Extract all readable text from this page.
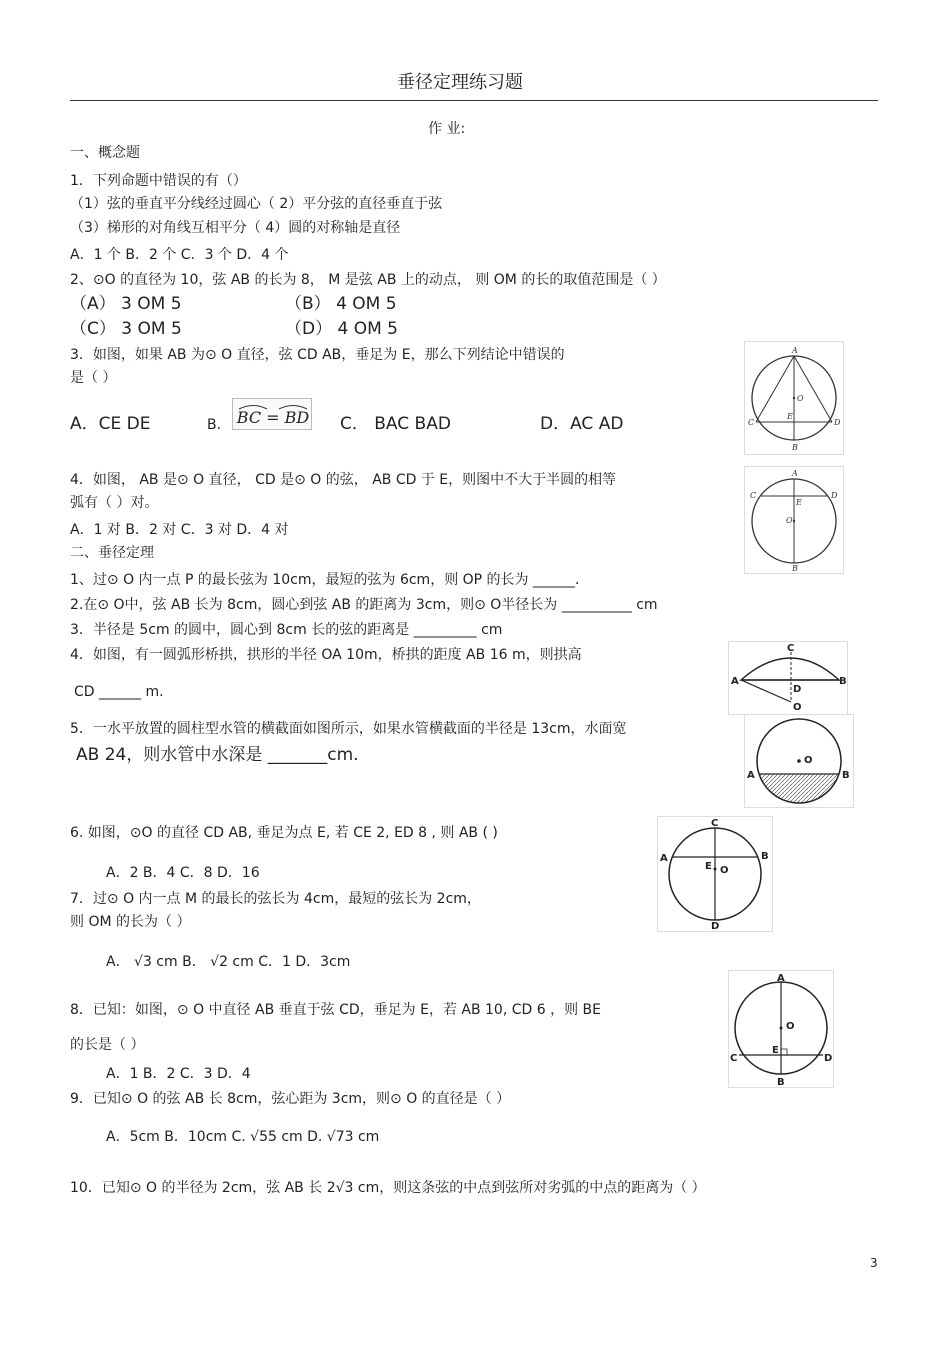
垂径定理练习题
作 业:
一、概念题
1．下列命题中错误的有（）
（1）弦的垂直平分线经过圆心（ 2）平分弦的直径垂直于弦
（3）梯形的对角线互相平分（ 4）圆的对称轴是直径
A．1 个 B．2 个 C．3 个 D．4 个
2、⊙O 的直径为 10，弦 AB 的长为 8， M 是弦 AB 上的动点， 则 OM 的长的取值范围是（ ）
（A） 3 OM 5	（B） 4 OM 5
（C） 3 OM 5	（D） 4 OM 5
3．如图，如果 AB 为⊙ O 直径，弦 CD AB，垂足为 E，那么下列结论中错误的
是（ ）
A．CE DE	B. BC = BD C． BAC BAD	D．AC AD
A
B
C	D
E
O
4．如图， AB 是⊙ O 直径， CD 是⊙ O 的弦， AB CD 于 E，则图中不大于半圆的相等
弧有（ ）对。
A．1 对 B．2 对 C．3 对 D．4 对
A
B
C	D
E
O
二、垂径定理
1、过⊙ O 内一点 P 的最长弦为 10cm，最短的弦为 6cm，则 OP 的长为 ______．
2.在⊙ O中，弦 AB 长为 8cm，圆心到弦 AB 的距离为 3cm，则⊙ O半径长为 __________ cm
3．半径是 5cm 的圆中，圆心到 8cm 长的弦的距离是 _________ cm
4．如图，有一圆弧形桥拱，拱形的半径 OA 10m，桥拱的距度 AB 16 m，则拱高
CD ______ m.
C
A	B
D
O
5．一水平放置的圆柱型水管的横截面如图所示，如果水管横截面的半径是 13cm，水面宽
AB 24，则水管中水深是 _______cm.
A	B
O
6. 如图，⊙O 的直径 CD AB, 垂足为点 E, 若 CE 2, ED 8 , 则 AB ( )
A．2 B．4 C．8 D．16
C
A	B
E O
D
7．过⊙ O 内一点 M 的最长的弦长为 4cm，最短的弦长为 2cm，
则 OM 的长为（ ）
A． √3 cm B． √2 cm C．1 D．3cm
8．已知：如图，⊙ O 中直径 AB 垂直于弦 CD，垂足为 E，若 AB 10, CD 6 ，则 BE
的长是（ ）
A．1 B．2 C．3 D．4
A
B
C	D
E
O
9．已知⊙ O 的弦 AB 长 8cm，弦心距为 3cm，则⊙ O 的直径是（ ）
A．5cm B．10cm C. √55 cm D. √73 cm
10．已知⊙ O 的半径为 2cm，弦 AB 长 2√3 cm，则这条弦的中点到弦所对劣弧的中点的距离为（ ）
3
